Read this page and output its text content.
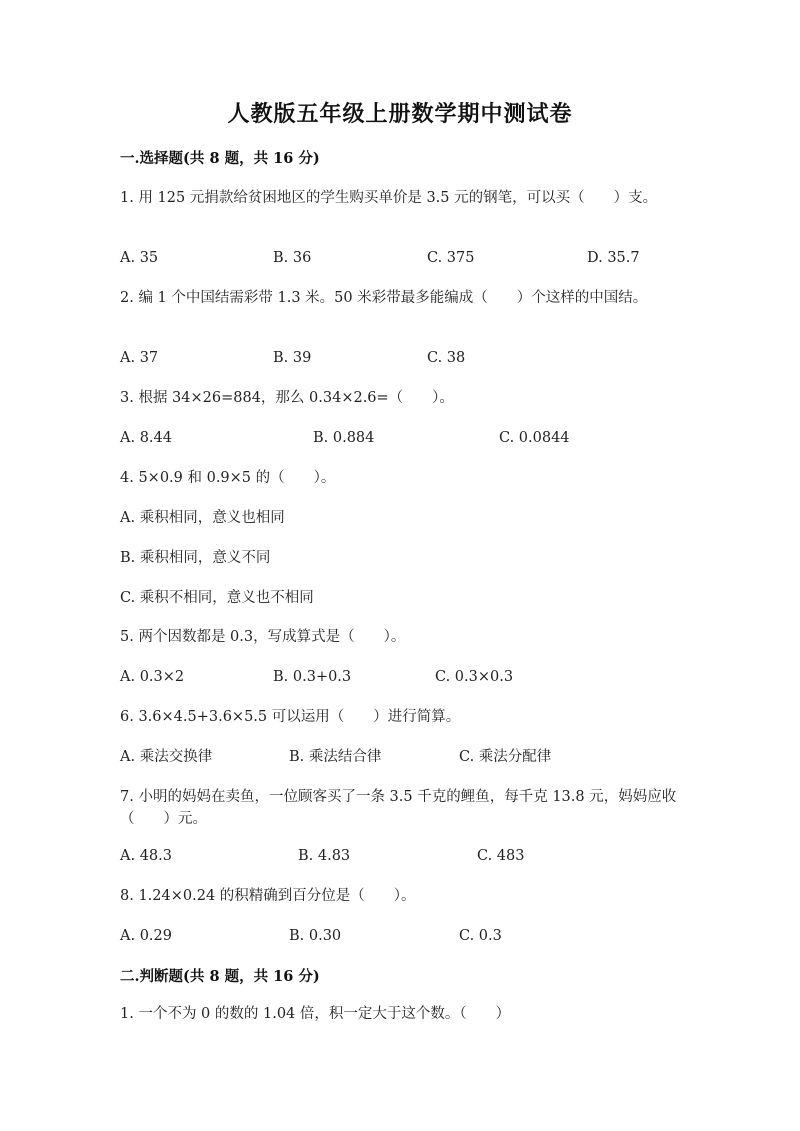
人教版五年级上册数学期中测试卷
一.选择题(共 8 题，共 16 分)
1. 用 125 元捐款给贫困地区的学生购买单价是 3.5 元的钢笔，可以买（　　）支。
A. 35	B. 36	C. 375	D. 35.7
2. 编 1 个中国结需彩带 1.3 米。50 米彩带最多能编成（　　）个这样的中国结。
A. 37	B. 39	C. 38
3. 根据 34×26=884，那么 0.34×2.6=（　　）。
A. 8.44	B. 0.884	C. 0.0844
4. 5×0.9 和 0.9×5 的（　　）。
A. 乘积相同，意义也相同
B. 乘积相同，意义不同
C. 乘积不相同，意义也不相同
5. 两个因数都是 0.3，写成算式是（　　）。
A. 0.3×2	B. 0.3+0.3	C. 0.3×0.3
6. 3.6×4.5+3.6×5.5 可以运用（　　）进行简算。
A. 乘法交换律	B. 乘法结合律	C. 乘法分配律
7. 小明的妈妈在卖鱼，一位顾客买了一条 3.5 千克的鲤鱼，每千克 13.8 元，妈妈应收（　　）元。
A. 48.3	B. 4.83	C. 483
8. 1.24×0.24 的积精确到百分位是（　　）。
A. 0.29	B. 0.30	C. 0.3
二.判断题(共 8 题，共 16 分)
1. 一个不为 0 的数的 1.04 倍，积一定大于这个数。（　　）
